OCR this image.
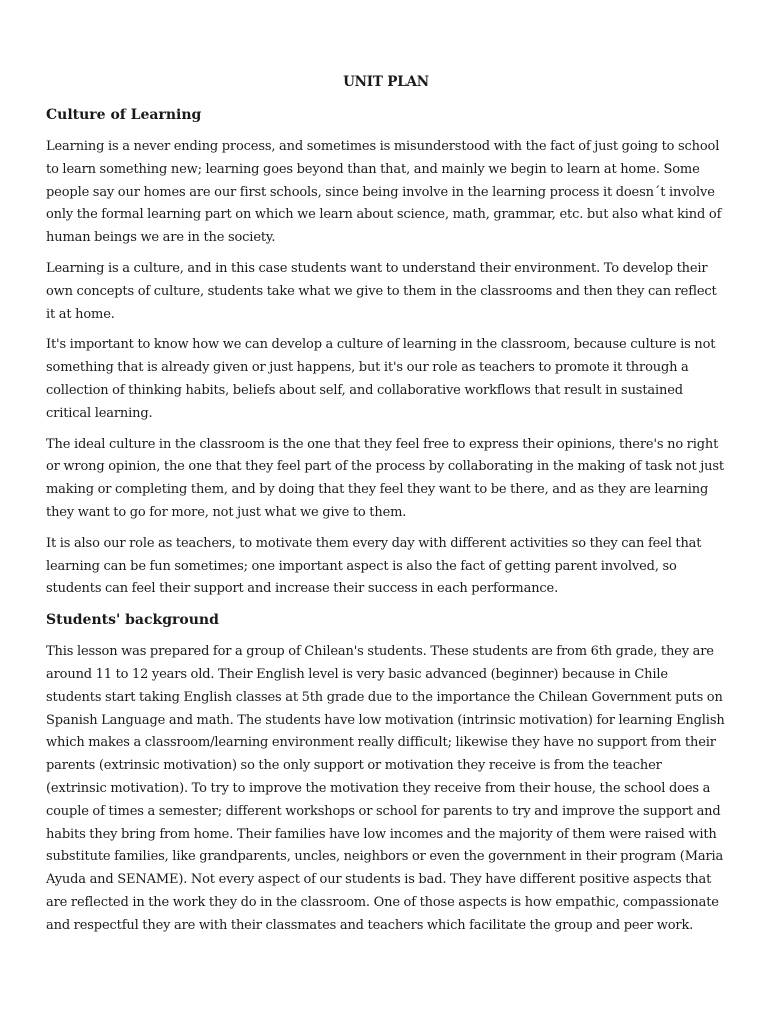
UNIT PLAN
Culture of Learning

Learning is a never ending process, and sometimes is misunderstood with the fact of just going to school to learn something new; learning goes beyond than that, and mainly we begin to learn at home. Some people say our homes are our first schools, since being involve in the learning process it doesn´t involve only the formal learning part on which we learn about science, math, grammar, etc. but also what kind of human beings we are in the society.

Learning is a culture, and in this case students want to understand their environment. To develop their own concepts of culture, students take what we give to them in the classrooms and then they can reflect it at home.

It's important to know how we can develop a culture of learning in the classroom, because culture is not something that is already given or just happens, but it's our role as teachers to promote it through a collection of thinking habits, beliefs about self, and collaborative workflows that result in sustained critical learning.

The ideal culture in the classroom is the one that they feel free to express their opinions, there's no right or wrong opinion, the one that they feel part of the process by collaborating in the making of task not just making or completing them, and by doing that they feel they want to be there, and as they are learning they want to go for more, not just what we give to them.

It is also our role as teachers, to motivate them every day with different activities so they can feel that learning can be fun sometimes; one important aspect is also the fact of getting parent involved, so students can feel their support and increase their success in each performance.

Students' background

This lesson was prepared for a group of Chilean's students. These students are from 6th grade, they are around 11 to 12 years old. Their English level is very basic advanced (beginner) because in Chile students start taking English classes at 5th grade due to the importance the Chilean Government puts on Spanish Language and math. The students have low motivation (intrinsic motivation) for learning English which makes a classroom/learning environment really difficult; likewise they have no support from their parents (extrinsic motivation) so the only support or motivation they receive is from the teacher (extrinsic motivation). To try to improve the motivation they receive from their house, the school does a couple of times a semester; different workshops or school for parents to try and improve the support and habits they bring from home. Their families have low incomes and the majority of them were raised with substitute families, like grandparents, uncles, neighbors or even the government in their program (Maria Ayuda and SENAME). Not every aspect of our students is bad. They have different positive aspects that are reflected in the work they do in the classroom. One of those aspects is how empathic, compassionate and respectful they are with their classmates and teachers which facilitate the group and peer work.
